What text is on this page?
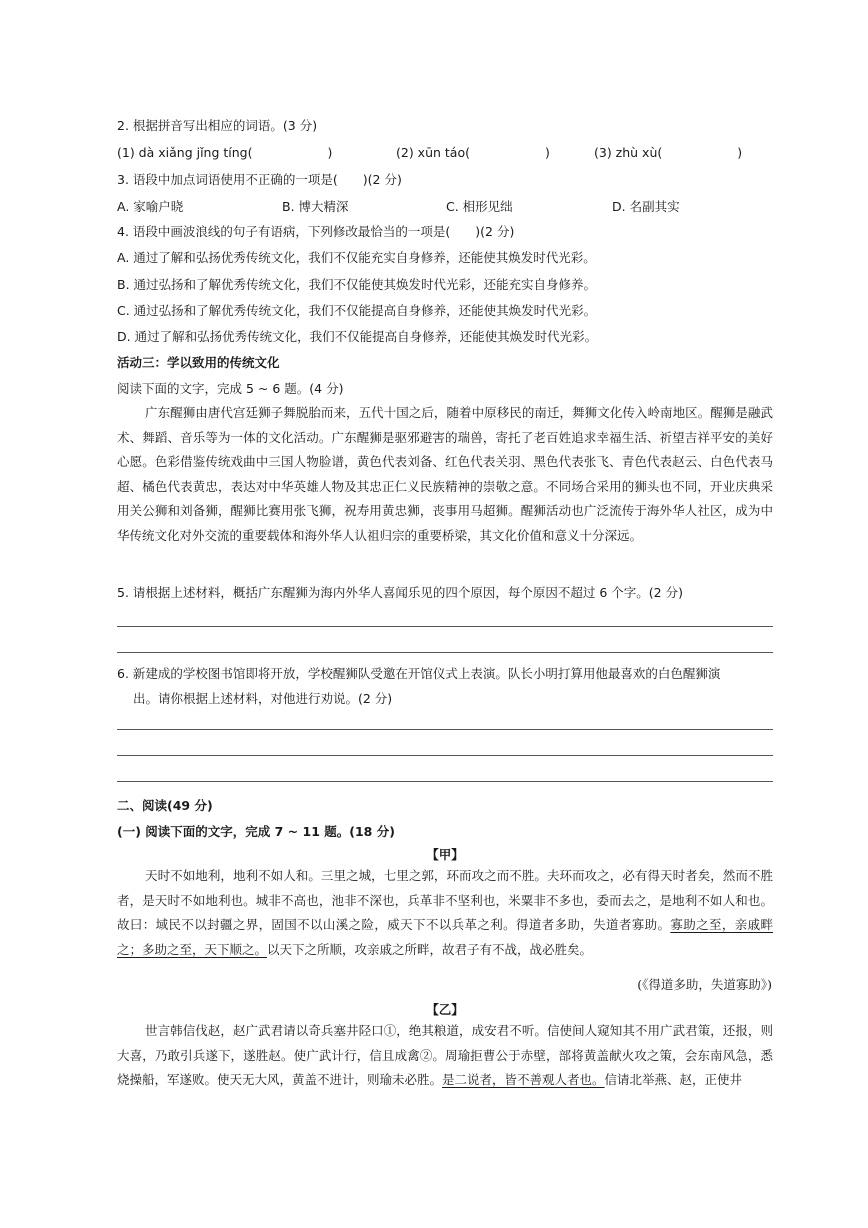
2. 根据拼音写出相应的词语。(3 分)
(1) dà xiǎng jǐng tíng(　　　　　　)	(2) xūn táo(　　　　　　)	(3) zhù xù(　　　　　　)
3. 语段中加点词语使用不正确的一项是(　　)(2 分)
A. 家喻户晓	B. 博大精深	C. 相形见绌	D. 名副其实
4. 语段中画波浪线的句子有语病，下列修改最恰当的一项是(　　)(2 分)
A. 通过了解和弘扬优秀传统文化，我们不仅能充实自身修养，还能使其焕发时代光彩。
B. 通过弘扬和了解优秀传统文化，我们不仅能使其焕发时代光彩，还能充实自身修养。
C. 通过弘扬和了解优秀传统文化，我们不仅能提高自身修养，还能使其焕发时代光彩。
D. 通过了解和弘扬优秀传统文化，我们不仅能提高自身修养，还能使其焕发时代光彩。
活动三：学以致用的传统文化
阅读下面的文字，完成 5 ~ 6 题。(4 分)
广东醒狮由唐代宫廷狮子舞脱胎而来，五代十国之后，随着中原移民的南迁，舞狮文化传入岭南地区。醒狮是融武术、舞蹈、音乐等为一体的文化活动。广东醒狮是驱邪避害的瑞兽，寄托了老百姓追求幸福生活、祈望吉祥平安的美好心愿。色彩借鉴传统戏曲中三国人物脸谱，黄色代表刘备、红色代表关羽、黑色代表张飞、青色代表赵云、白色代表马超、橘色代表黄忠，表达对中华英雄人物及其忠正仁义民族精神的崇敬之意。不同场合采用的狮头也不同，开业庆典采用关公狮和刘备狮，醒狮比赛用张飞狮，祝寿用黄忠狮，丧事用马超狮。醒狮活动也广泛流传于海外华人社区，成为中华传统文化对外交流的重要载体和海外华人认祖归宗的重要桥梁，其文化价值和意义十分深远。
5. 请根据上述材料，概括广东醒狮为海内外华人喜闻乐见的四个原因，每个原因不超过 6 个字。(2 分)
6. 新建成的学校图书馆即将开放，学校醒狮队受邀在开馆仪式上表演。队长小明打算用他最喜欢的白色醒狮演
出。请你根据上述材料，对他进行劝说。(2 分)
二、阅读(49 分)
(一) 阅读下面的文字，完成 7 ~ 11 题。(18 分)
【甲】
天时不如地利，地利不如人和。三里之城，七里之郭，环而攻之而不胜。夫环而攻之，必有得天时者矣，然而不胜者，是天时不如地利也。城非不高也，池非不深也，兵革非不坚利也，米粟非不多也，委而去之，是地利不如人和也。故曰：域民不以封疆之界，固国不以山溪之险，威天下不以兵革之利。得道者多助，失道者寡助。寡助之至，亲戚畔之；多助之至，天下顺之。以天下之所顺，攻亲戚之所畔，故君子有不战，战必胜矣。
(《得道多助，失道寡助》)
【乙】
世言韩信伐赵，赵广武君请以奇兵塞井陉口①，绝其粮道，成安君不听。信使间人窥知其不用广武君策，还报，则大喜，乃敢引兵遂下，遂胜赵。使广武计行，信且成禽②。周瑜拒曹公于赤壁，部将黄盖献火攻之策，会东南风急，悉烧操船，军遂败。使天无大风，黄盖不进计，则瑜未必胜。是二说者，皆不善观人者也。信请北举燕、赵，正使井
